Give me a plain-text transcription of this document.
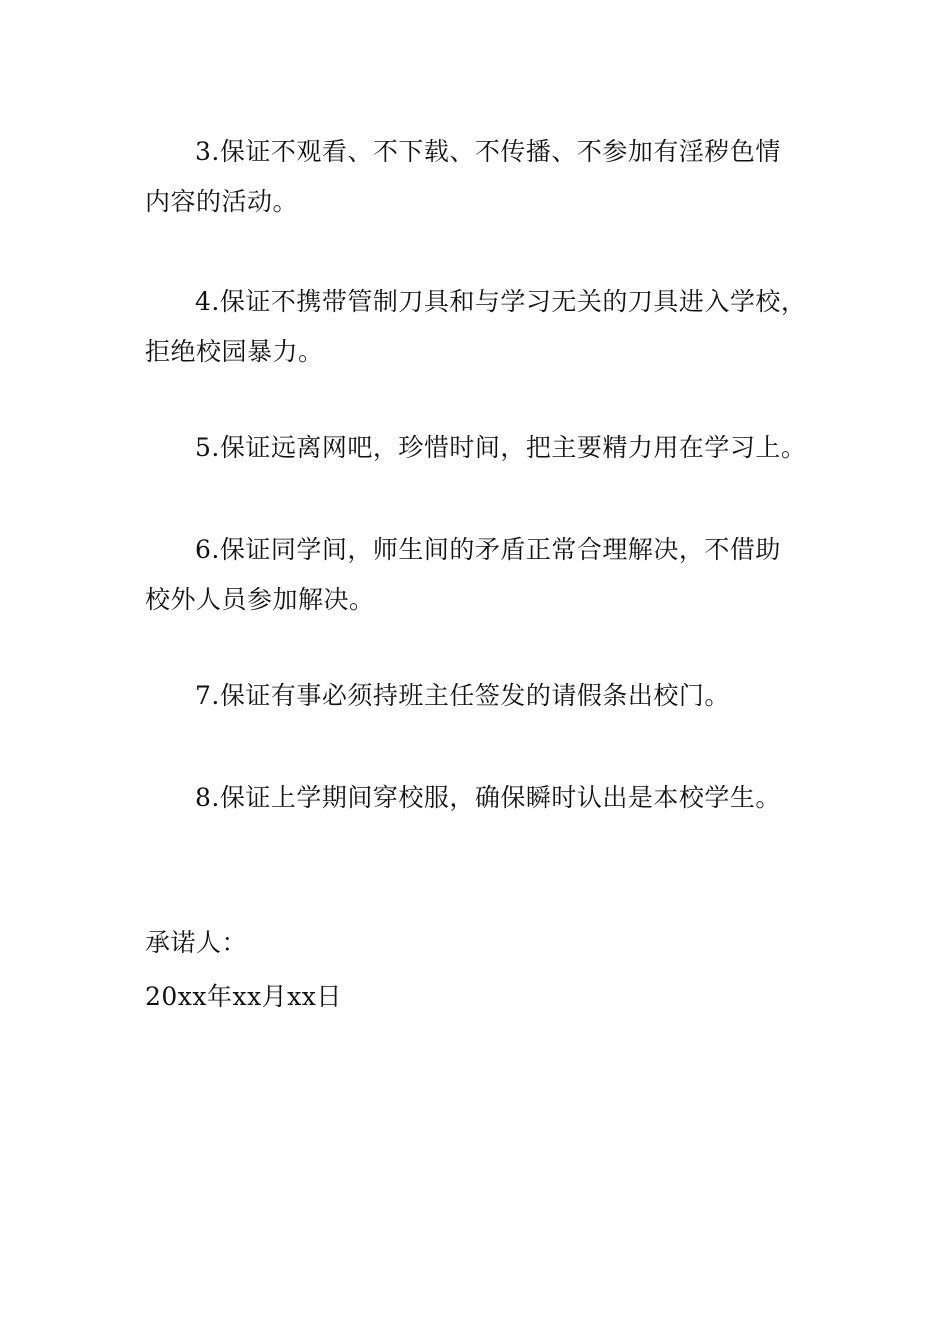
3.保证不观看、不下载、不传播、不参加有淫秽色情
内容的活动。
4.保证不携带管制刀具和与学习无关的刀具进入学校，
拒绝校园暴力。
5.保证远离网吧，珍惜时间，把主要精力用在学习上。
6.保证同学间，师生间的矛盾正常合理解决，不借助
校外人员参加解决。
7.保证有事必须持班主任签发的请假条出校门。
8.保证上学期间穿校服，确保瞬时认出是本校学生。
承诺人：
20xx年xx月xx日
